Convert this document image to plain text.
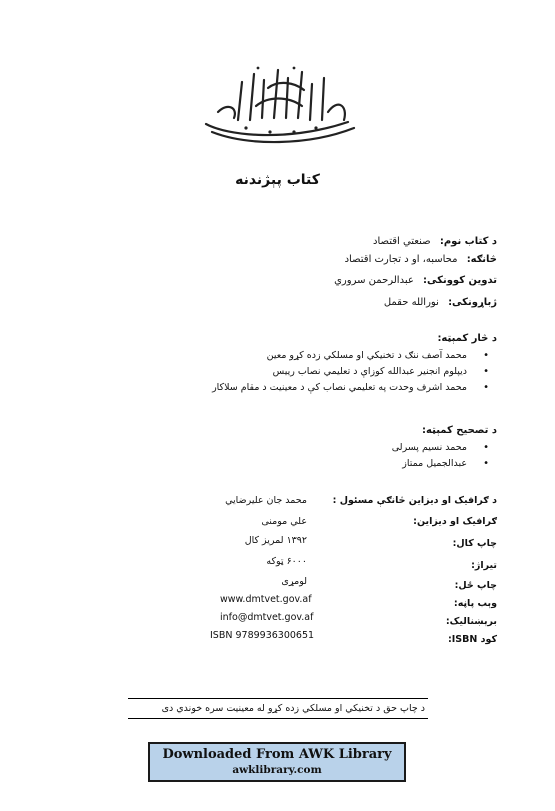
کتاب پېژندنه
د کتاب نوم: صنعتي اقتصاد
څانګه: محاسبه، او د تجارت اقتصاد
تدوين کوونکى: عبدالرحمن سروري
ژباړونکی: نورالله حقمل
د څار کمېټه:
• محمد آصف ننګ د تخنيکي او مسلکي زده کړو معين
• ديپلوم انجنير عبدالله کوزاې د تعليمي نصاب رييس
• محمد اشرف وحدت په تعليمي نصاب کې د معينيت د مقام سلاکار
د تصحيح کمېټه:
• محمد نسيم پسرلى
• عبدالجميل ممتاز
د ګرافيک او ديزاين څانګې مسئول :
محمد جان عليرضايي
ګرافيک او ديزاين:
علي مومنی
چاپ کال:
۱۳۹۲ لمريز کال
تيراژ:
۶۰۰۰ ټوکه
چاپ ځل:
لومړی
وېب پاڼه:
www.dmtvet.gov.af
برېښناليک:
info@dmtvet.gov.af
کود ISBN:
ISBN 9789936300651
د چاپ حق د تخنيکي او مسلکي زده کړو له معينيت سره خوندي دی
Downloaded From AWK Library
awklibrary.com
